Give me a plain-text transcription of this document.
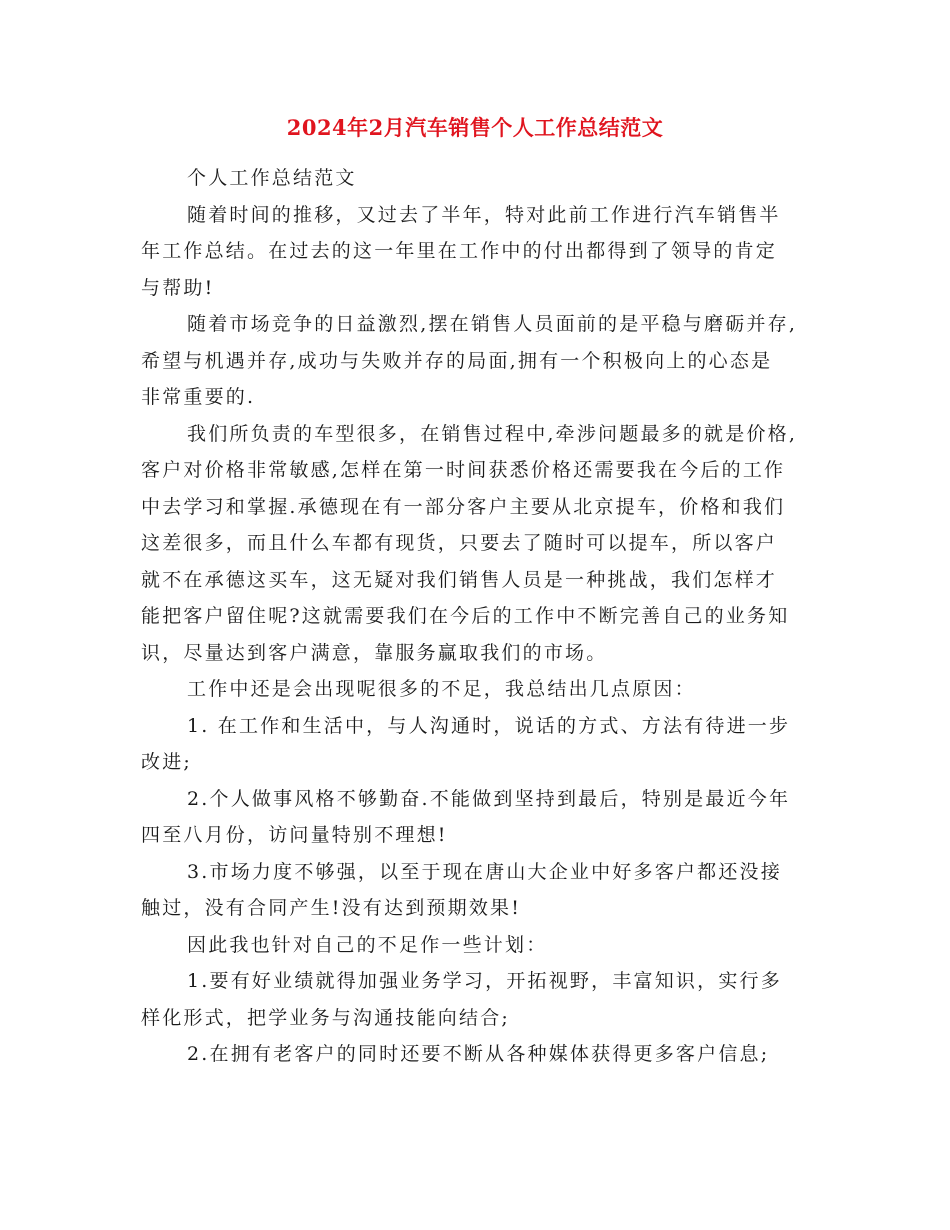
2024年2月汽车销售个人工作总结范文
个人工作总结范文
随着时间的推移，又过去了半年，特对此前工作进行汽车销售半
年工作总结。在过去的这一年里在工作中的付出都得到了领导的肯定
与帮助!
随着市场竞争的日益激烈,摆在销售人员面前的是平稳与磨砺并存,
希望与机遇并存,成功与失败并存的局面,拥有一个积极向上的心态是
非常重要的.
我们所负责的车型很多，在销售过程中,牵涉问题最多的就是价格,
客户对价格非常敏感,怎样在第一时间获悉价格还需要我在今后的工作
中去学习和掌握.承德现在有一部分客户主要从北京提车，价格和我们
这差很多，而且什么车都有现货，只要去了随时可以提车，所以客户
就不在承德这买车，这无疑对我们销售人员是一种挑战，我们怎样才
能把客户留住呢?这就需要我们在今后的工作中不断完善自己的业务知
识，尽量达到客户满意，靠服务赢取我们的市场。
工作中还是会出现呢很多的不足，我总结出几点原因：
1. 在工作和生活中，与人沟通时，说话的方式、方法有待进一步
改进;
2.个人做事风格不够勤奋.不能做到坚持到最后，特别是最近今年
四至八月份，访问量特别不理想!
3.市场力度不够强，以至于现在唐山大企业中好多客户都还没接
触过，没有合同产生!没有达到预期效果!
因此我也针对自己的不足作一些计划：
1.要有好业绩就得加强业务学习，开拓视野，丰富知识，实行多
样化形式，把学业务与沟通技能向结合;
2.在拥有老客户的同时还要不断从各种媒体获得更多客户信息;
